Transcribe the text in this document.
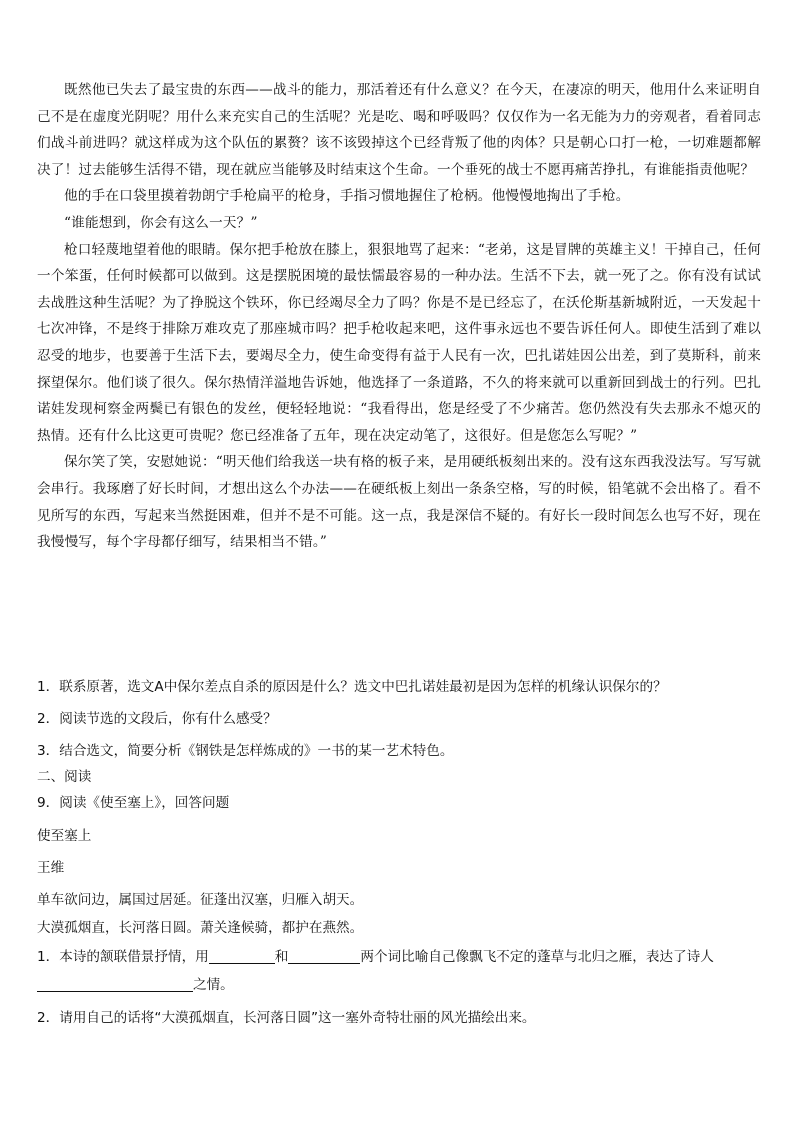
既然他已失去了最宝贵的东西——战斗的能力，那活着还有什么意义？在今天，在凄凉的明天，他用什么来证明自己不是在虚度光阴呢？用什么来充实自己的生活呢？光是吃、喝和呼吸吗？仅仅作为一名无能为力的旁观者，看着同志们战斗前进吗？就这样成为这个队伍的累赘？该不该毁掉这个已经背叛了他的肉体？只是朝心口打一枪，一切难题都解决了！过去能够生活得不错，现在就应当能够及时结束这个生命。一个垂死的战士不愿再痛苦挣扎，有谁能指责他呢？

他的手在口袋里摸着勃朗宁手枪扁平的枪身，手指习惯地握住了枪柄。他慢慢地掏出了手枪。

“谁能想到，你会有这么一天？”

枪口轻蔑地望着他的眼睛。保尔把手枪放在膝上，狠狠地骂了起来：“老弟，这是冒牌的英雄主义！干掉自己，任何一个笨蛋，任何时候都可以做到。这是摆脱困境的最怯懦最容易的一种办法。生活不下去，就一死了之。你有没有试试去战胜这种生活呢？为了挣脱这个铁环，你已经竭尽全力了吗？你是不是已经忘了，在沃伦斯基新城附近，一天发起十七次冲锋，不是终于排除万难攻克了那座城市吗？把手枪收起来吧，这件事永远也不要告诉任何人。即使生活到了难以忍受的地步，也要善于生活下去，要竭尽全力，使生命变得有益于人民有一次，巴扎诺娃因公出差，到了莫斯科，前来探望保尔。他们谈了很久。保尔热情洋溢地告诉她，他选择了一条道路，不久的将来就可以重新回到战士的行列。巴扎诺娃发现柯察金两鬓已有银色的发丝，便轻轻地说：“我看得出，您是经受了不少痛苦。您仍然没有失去那永不熄灭的热情。还有什么比这更可贵呢？您已经准备了五年，现在决定动笔了，这很好。但是您怎么写呢？”

保尔笑了笑，安慰她说：“明天他们给我送一块有格的板子来，是用硬纸板刻出来的。没有这东西我没法写。写写就会串行。我琢磨了好长时间，才想出这么个办法——在硬纸板上刻出一条条空格，写的时候，铅笔就不会出格了。看不见所写的东西，写起来当然挺困难，但并不是不可能。这一点，我是深信不疑的。有好长一段时间怎么也写不好，现在我慢慢写，每个字母都仔细写，结果相当不错。”

1．联系原著，选文A中保尔差点自杀的原因是什么？选文中巴扎诺娃最初是因为怎样的机缘认识保尔的？
2．阅读节选的文段后，你有什么感受？
3．结合选文，简要分析《钢铁是怎样炼成的》一书的某一艺术特色。
二、阅读
9．阅读《使至塞上》，回答问题
使至塞上
王维
单车欲问边，属国过居延。征蓬出汉塞，归雁入胡天。
大漠孤烟直，长河落日圆。萧关逢候骑，都护在燕然。
1．本诗的颔联借景抒情，用	和	两个词比喻自己像飘飞不定的蓬草与北归之雁，表达了诗人
之情。
2．请用自己的话将“大漠孤烟直，长河落日圆”这一塞外奇特壮丽的风光描绘出来。
